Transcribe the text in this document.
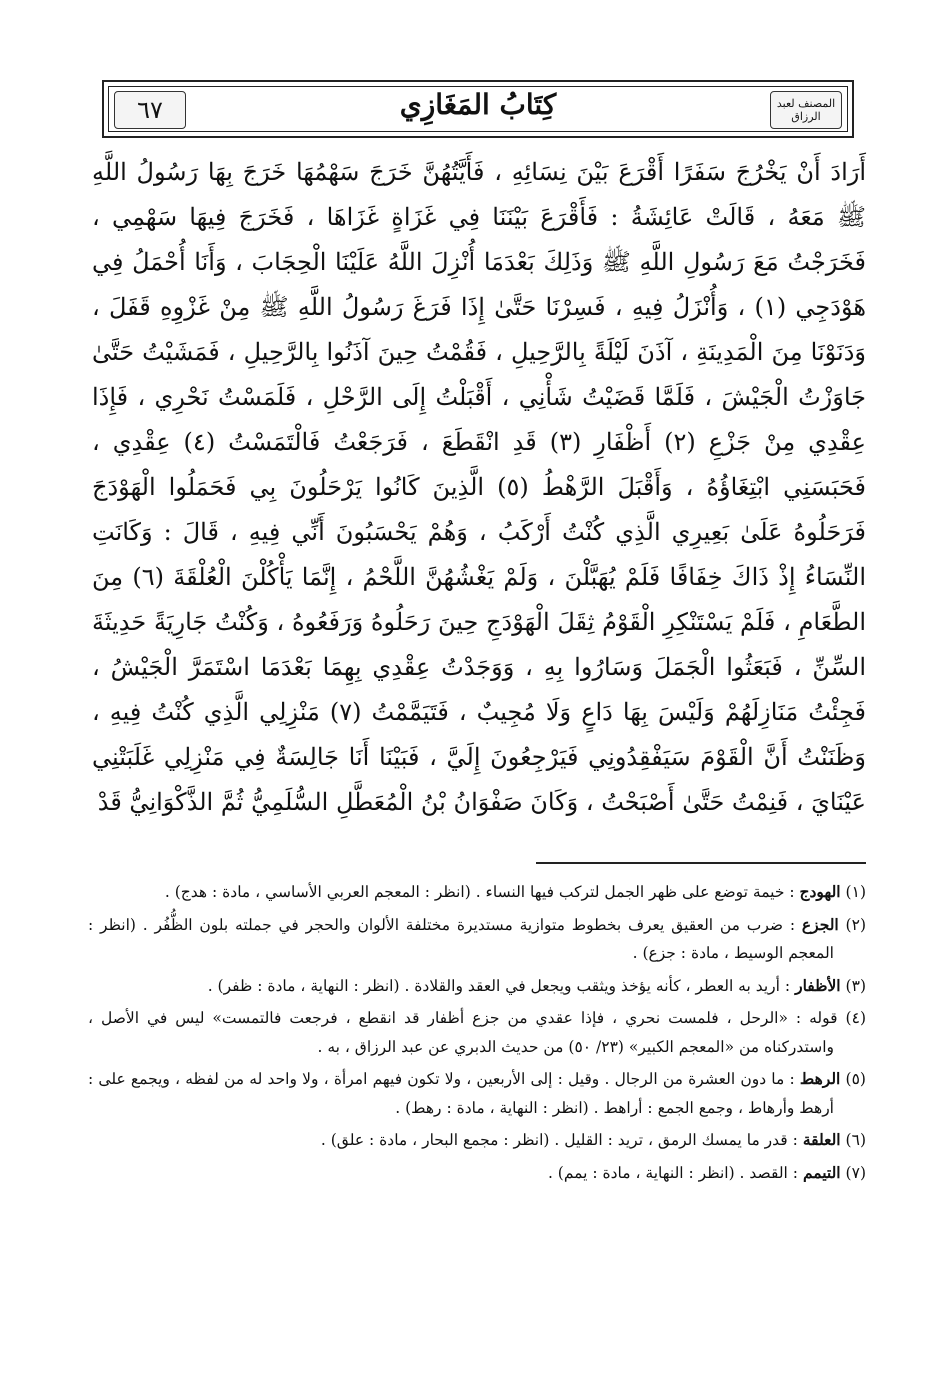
٦٧	كِتَابُ المَغَازِي	المصنف لعبد الرزاق

أَرَادَ أَنْ يَخْرُجَ سَفَرًا أَقْرَعَ بَيْنَ نِسَائِهِ ، فَأَيَّتُهُنَّ خَرَجَ سَهْمُهَا خَرَجَ بِهَا رَسُولُ اللَّهِ ﷺ مَعَهُ ، قَالَتْ عَائِشَةُ : فَأَقْرَعَ بَيْنَنَا فِي غَزَاةٍ غَزَاهَا ، فَخَرَجَ فِيهَا سَهْمِي ، فَخَرَجْتُ مَعَ رَسُولِ اللَّهِ ﷺ وَذَلِكَ بَعْدَمَا أُنْزِلَ اللَّهُ عَلَيْنَا الْحِجَابَ ، وَأَنَا أُحْمَلُ فِي هَوْدَجِي (١) ، وَأُنْزَلُ فِيهِ ، فَسِرْنَا حَتَّىٰ إِذَا فَرَغَ رَسُولُ اللَّهِ ﷺ مِنْ غَزْوِهِ قَفَلَ ، وَدَنَوْنَا مِنَ الْمَدِينَةِ ، آذَنَ لَيْلَةً بِالرَّحِيلِ ، فَقُمْتُ حِينَ آذَنُوا بِالرَّحِيلِ ، فَمَشَيْتُ حَتَّىٰ جَاوَزْتُ الْجَيْشَ ، فَلَمَّا قَضَيْتُ شَأْنِي ، أَقْبَلْتُ إِلَى الرَّحْلِ ، فَلَمَسْتُ نَحْرِي ، فَإِذَا عِقْدِي مِنْ جَزْعِ (٢) أَظْفَارِ (٣) قَدِ انْقَطَعَ ، فَرَجَعْتُ فَالْتَمَسْتُ (٤) عِقْدِي ، فَحَبَسَنِي ابْتِغَاؤُهُ ، وَأَقْبَلَ الرَّهْطُ (٥) الَّذِينَ كَانُوا يَرْحَلُونَ بِي فَحَمَلُوا الْهَوْدَجَ فَرَحَلُوهُ عَلَىٰ بَعِيرِي الَّذِي كُنْتُ أَرْكَبُ ، وَهُمْ يَحْسَبُونَ أَنِّي فِيهِ ، قَالَ : وَكَانَتِ النِّسَاءُ إِذْ ذَاكَ خِفَافًا فَلَمْ يُهَبَّلْنَ ، وَلَمْ يَغْشُهُنَّ اللَّحْمُ ، إِنَّمَا يَأْكُلْنَ الْعُلْقَةَ (٦) مِنَ الطَّعَامِ ، فَلَمْ يَسْتَنْكِرِ الْقَوْمُ ثِقَلَ الْهَوْدَجِ حِينَ رَحَلُوهُ وَرَفَعُوهُ ، وَكُنْتُ جَارِيَةً حَدِيثَةَ السِّنِّ ، فَبَعَثُوا الْجَمَلَ وَسَارُوا بِهِ ، وَوَجَدْتُ عِقْدِي بِهِمَا بَعْدَمَا اسْتَمَرَّ الْجَيْشُ ، فَجِئْتُ مَنَازِلَهُمْ وَلَيْسَ بِهَا دَاعٍ وَلَا مُجِيبٌ ، فَتَيَمَّمْتُ (٧) مَنْزِلِي الَّذِي كُنْتُ فِيهِ ، وَظَنَنْتُ أَنَّ الْقَوْمَ سَيَفْقِدُونِي فَيَرْجِعُونَ إِلَيَّ ، فَبَيْنَا أَنَا جَالِسَةٌ فِي مَنْزِلِي غَلَبَتْنِي عَيْنَايَ ، فَنِمْتُ حَتَّىٰ أَصْبَحْتُ ، وَكَانَ صَفْوَانُ بْنُ الْمُعَطَّلِ السُّلَمِيُّ ثُمَّ الذَّكْوَانِيُّ قَدْ

(١) الهودج : خيمة توضع على ظهر الجمل لتركب فيها النساء . (انظر : المعجم العربي الأساسي ، مادة : هدج) .

(٢) الجزع : ضرب من العقيق يعرف بخطوط متوازية مستديرة مختلفة الألوان والحجر في جملته بلون الظُّفُر . (انظر : المعجم الوسيط ، مادة : جزع) .

(٣) الأظفار : أريد به العطر ، كأنه يؤخذ ويثقب ويجعل في العقد والقلادة . (انظر : النهاية ، مادة : ظفر) .

(٤) قوله : «الرحل ، فلمست نحري ، فإذا عقدي من جزع أظفار قد انقطع ، فرجعت فالتمست» ليس في الأصل ، واستدركناه من «المعجم الكبير» (٢٣/ ٥٠) من حديث الدبري عن عبد الرزاق ، به .

(٥) الرهط : ما دون العشرة من الرجال . وقيل : إلى الأربعين ، ولا تكون فيهم امرأة ، ولا واحد له من لفظه ، ويجمع على : أرهط وأرهاط ، وجمع الجمع : أراهط . (انظر : النهاية ، مادة : رهط) .

(٦) العلقة : قدر ما يمسك الرمق ، تريد : القليل . (انظر : مجمع البحار ، مادة : علق) .

(٧) التيمم : القصد . (انظر : النهاية ، مادة : يمم) .
